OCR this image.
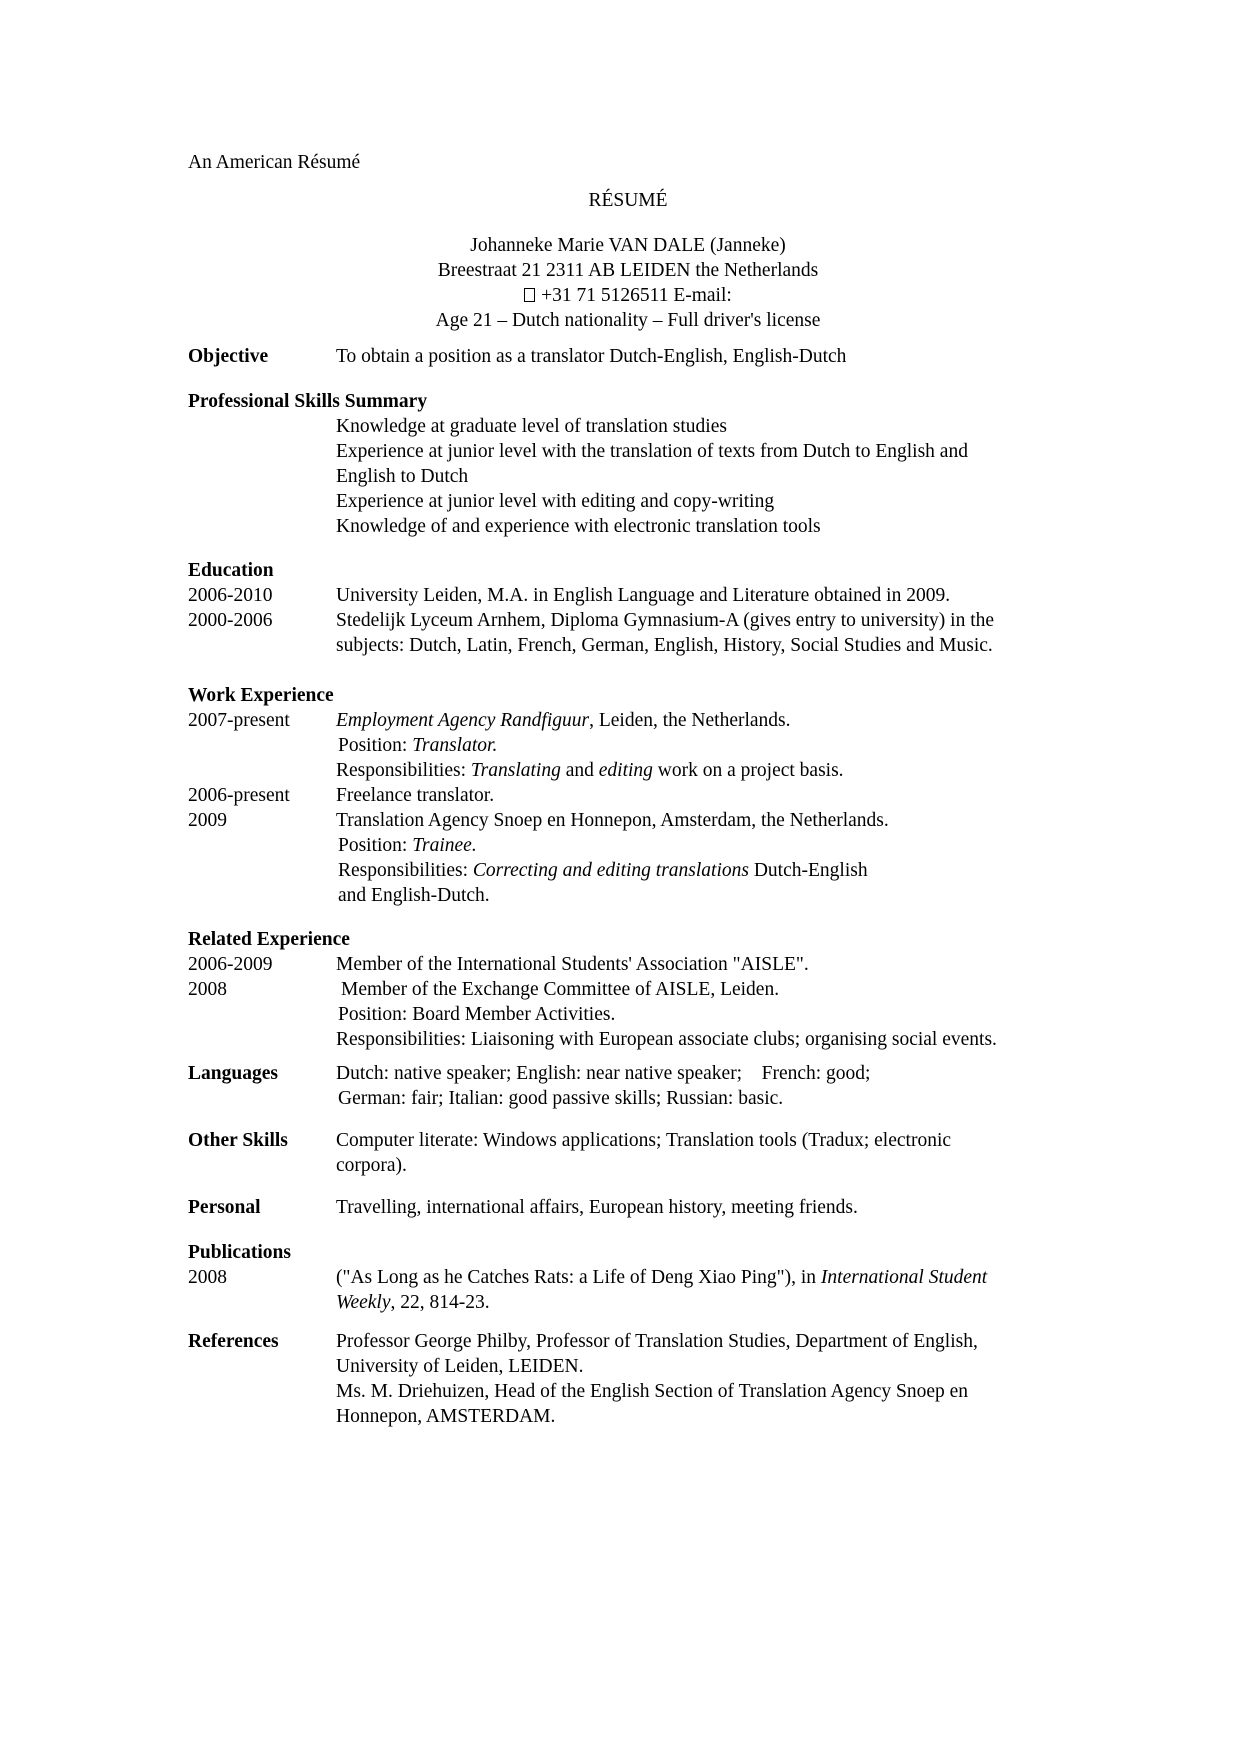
An American Résumé
RÉSUMÉ
Johanneke Marie VAN DALE (Janneke)
Breestraat 21 2311 AB LEIDEN the Netherlands
+31 71 5126511 E-mail:
Age 21 – Dutch nationality – Full driver's license
Objective	To obtain a position as a translator Dutch-English, English-Dutch
Professional Skills Summary
Knowledge at graduate level of translation studies
Experience at junior level with the translation of texts from Dutch to English and
English to Dutch
Experience at junior level with editing and copy-writing
Knowledge of and experience with electronic translation tools
Education
2006-2010	University Leiden, M.A. in English Language and Literature obtained in 2009.
2000-2006	Stedelijk Lyceum Arnhem, Diploma Gymnasium-A (gives entry to university) in the
subjects: Dutch, Latin, French, German, English, History, Social Studies and Music.
Work Experience
2007-present	Employment Agency Randfiguur, Leiden, the Netherlands.
Position: Translator.
Responsibilities: Translating and editing work on a project basis.
2006-present	Freelance translator.
2009	Translation Agency Snoep en Honnepon, Amsterdam, the Netherlands.
Position: Trainee.
Responsibilities: Correcting and editing translations Dutch-English
and English-Dutch.
Related Experience
2006-2009	Member of the International Students' Association "AISLE".
2008	Member of the Exchange Committee of AISLE, Leiden.
Position: Board Member Activities.
Responsibilities: Liaisoning with European associate clubs; organising social events.
Languages	Dutch: native speaker; English: near native speaker;    French: good;
German: fair; Italian: good passive skills; Russian: basic.
Other Skills	Computer literate: Windows applications; Translation tools (Tradux; electronic
corpora).
Personal	Travelling, international affairs, European history, meeting friends.
Publications
2008	("As Long as he Catches Rats: a Life of Deng Xiao Ping"), in International Student
Weekly, 22, 814-23.
References	Professor George Philby, Professor of Translation Studies, Department of English,
University of Leiden, LEIDEN.
Ms. M. Driehuizen, Head of the English Section of Translation Agency Snoep en
Honnepon, AMSTERDAM.
